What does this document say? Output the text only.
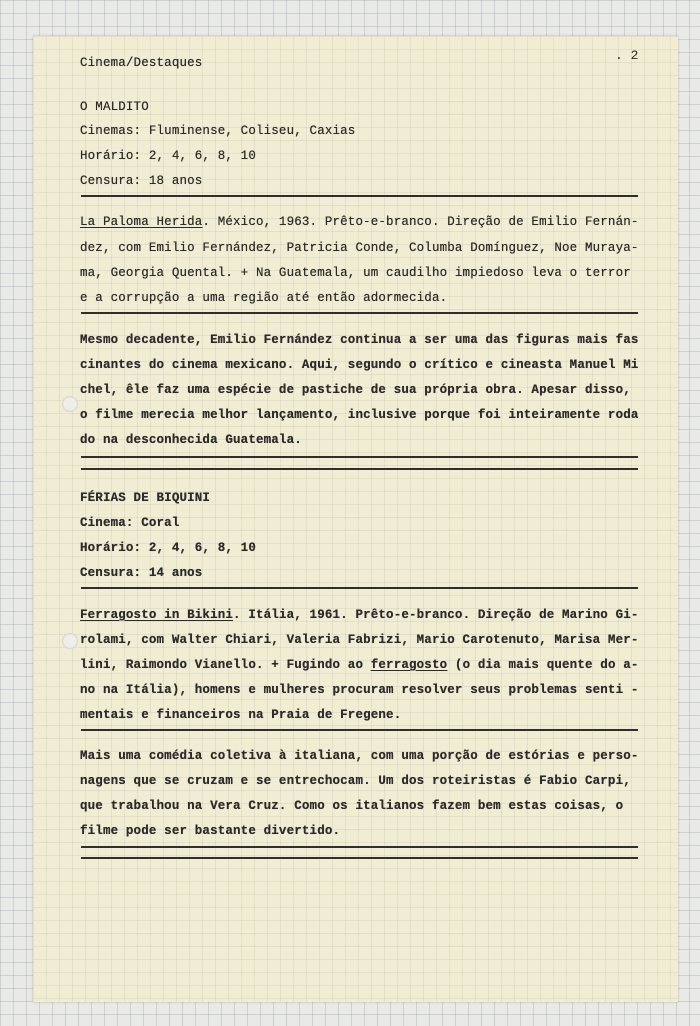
Cinema/Destaques	. 2
O MALDITO
Cinemas: Fluminense, Coliseu, Caxias
Horário: 2, 4, 6, 8, 10
Censura: 18 anos
La Paloma Herida. México, 1963. Prêto-e-branco. Direção de Emilio Fernán-
dez, com Emilio Fernández, Patricia Conde, Columba Domínguez, Noe Muraya-
ma, Georgia Quental. + Na Guatemala, um caudilho impiedoso leva o terror
e a corrupção a uma região até então adormecida.
Mesmo decadente, Emilio Fernández continua a ser uma das figuras mais fas
cinantes do cinema mexicano. Aqui, segundo o crítico e cineasta Manuel Mi
chel, êle faz uma espécie de pastiche de sua própria obra. Apesar disso,
o filme merecia melhor lançamento, inclusive porque foi inteiramente roda
do na desconhecida Guatemala.
FÉRIAS DE BIQUINI
Cinema: Coral
Horário: 2, 4, 6, 8, 10
Censura: 14 anos
Ferragosto in Bikini. Itália, 1961. Prêto-e-branco. Direção de Marino Gi-
rolami, com Walter Chiari, Valeria Fabrizi, Mario Carotenuto, Marisa Mer-
lini, Raimondo Vianello. + Fugindo ao ferragosto (o dia mais quente do a-
no na Itália), homens e mulheres procuram resolver seus problemas senti -
mentais e financeiros na Praia de Fregene.
Mais uma comédia coletiva à italiana, com uma porção de estórias e perso-
nagens que se cruzam e se entrechocam. Um dos roteiristas é Fabio Carpi,
que trabalhou na Vera Cruz. Como os italianos fazem bem estas coisas, o
filme pode ser bastante divertido.
